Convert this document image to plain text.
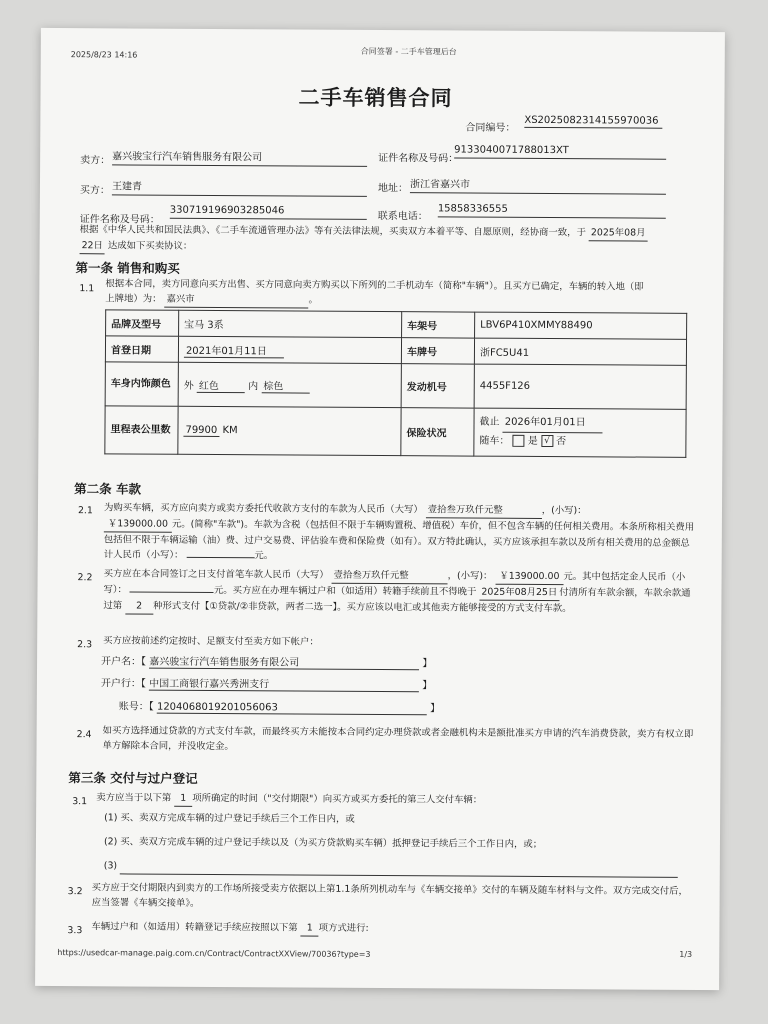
2025/8/23 14:16	合同签署 - 二手车管理后台
二手车销售合同
合同编号：
XS2025082314155970036
卖方： 嘉兴骏宝行汽车销售服务有限公司	证件名称及号码：
9133040071788013XT
买方： 王建青	地址： 浙江省嘉兴市
证件名称及号码：
330719196903285046
联系电话：
15858336555
根据《中华人民共和国民法典》、《二手车流通管理办法》等有关法律法规，买卖双方本着平等、自愿原则，经协商一致，于 2025年08月
22日 达成如下买卖协议：
第一条 销售和购买
1.1 根据本合同，卖方同意向买方出售、买方同意向卖方购买以下所列的二手机动车（简称"车辆"）。且买方已确定，车辆的转入地（即
上牌地）为： 嘉兴市	。
品牌及型号	宝马 3系	车架号	LBV6P410XMMY88490
首登日期	2021年01月11日	车牌号	浙FC5U41
车身内饰颜色	外 红色 内 棕色	发动机号	4455F126
里程表公里数	79900 KM	保险状况	截止 2026年01月01日
随车： 是 √ 否
第二条 车款
2.1 为购买车辆，买方应向卖方或卖方委托代收款方支付的车款为人民币（大写） 壹拾叁万玖仟元整	，(小写)：
￥139000.00 元。(简称"车款")。车款为含税（包括但不限于车辆购置税、增值税）车价，但不包含车辆的任何相关费用。本条所称相关费用包括但不限于车辆运输（油）费、过户交易费、评估验车费和保险费（如有）。双方特此确认，买方应该承担车款以及所有相关费用的总金额总计人民币（小写）：	元。
2.2 买方应在本合同签订之日支付首笔车款人民币（大写） 壹拾叁万玖仟元整	，(小写)： ￥139000.00 元。其中包括定金人民币（小写）：	元。买方应在办理车辆过户和（如适用）转籍手续前且不得晚于 2025年08月25日 付清所有车款余额，车款余款通过第 2 种形式支付【①贷款/②非贷款，两者二选一】。买方应该以电汇或其他卖方能够接受的方式支付车款。
2.3 买方应按前述约定按时、足额支付至卖方如下帐户：
开户名：【 嘉兴骏宝行汽车销售服务有限公司	】
开户行：【 中国工商银行嘉兴秀洲支行	】
账号：【 1204068019201056063	】
2.4 如买方选择通过贷款的方式支付车款，而最终买方未能按本合同约定办理贷款或者金融机构未是额批准买方申请的汽车消费贷款，卖方有权立即单方解除本合同，并没收定金。
第三条 交付与过户登记
3.1 卖方应当于以下第 1 项所确定的时间（"交付期限"）向买方或买方委托的第三人交付车辆：
(1) 买、卖双方完成车辆的过户登记手续后三个工作日内，或
(2) 买、卖双方完成车辆的过户登记手续以及（为买方贷款购买车辆）抵押登记手续后三个工作日内，或；
(3)
3.2 买方应于交付期限内到卖方的工作场所接受卖方依据以上第1.1条所列机动车与《车辆交接单》交付的车辆及随车材料与文件。双方完成交付后，应当签署《车辆交接单》。
3.3 车辆过户和（如适用）转籍登记手续应按照以下第 1 项方式进行:
https://usedcar-manage.paig.com.cn/Contract/ContractXXView/70036?type=3	1/3
